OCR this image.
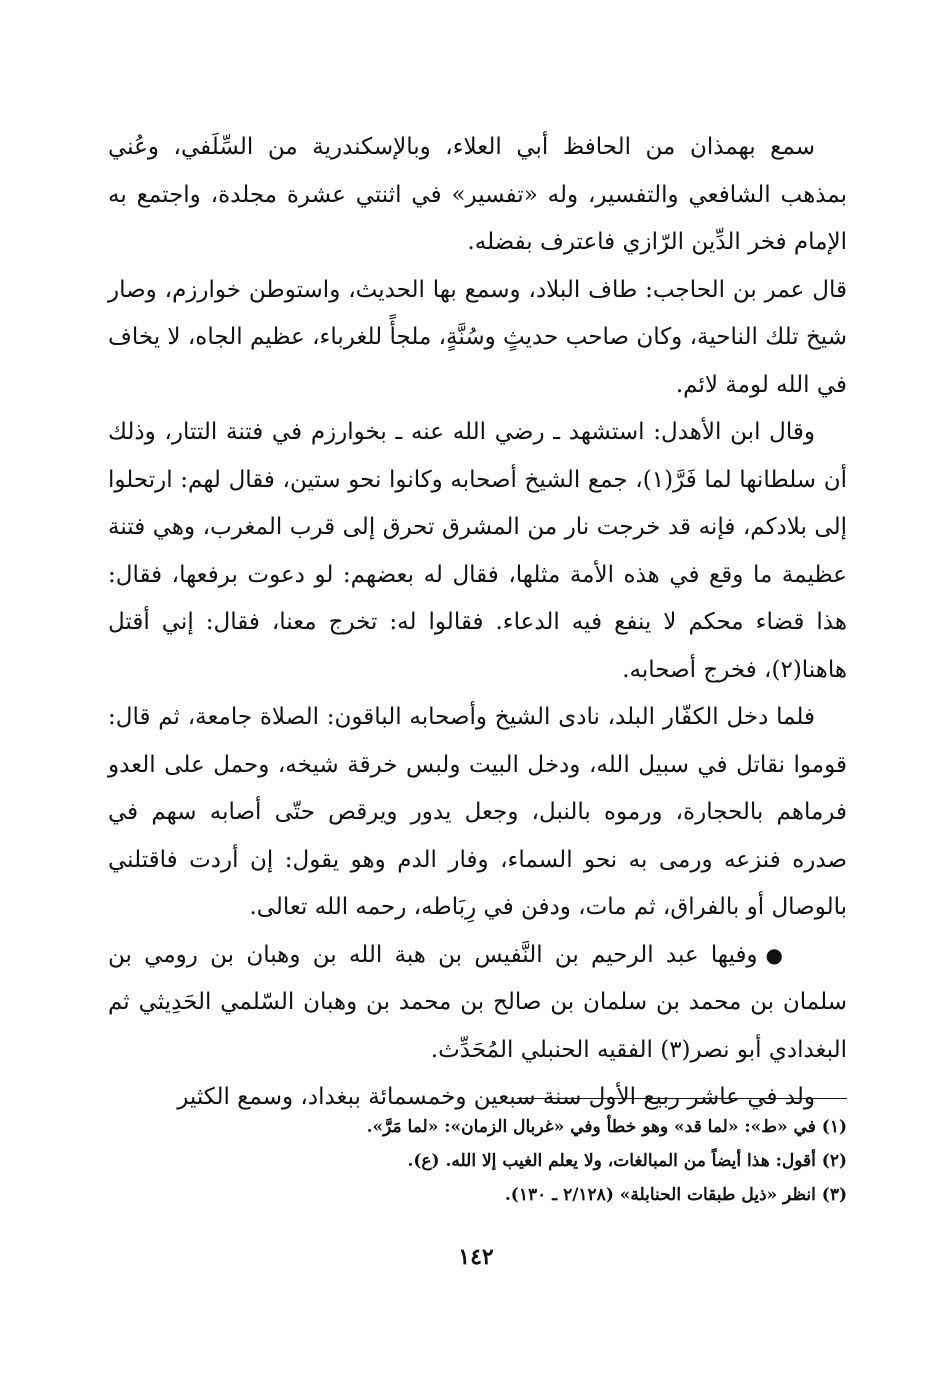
سمع بهمذان من الحافظ أبي العلاء، وبالإسكندرية من السِّلَفي، وعُني بمذهب الشافعي والتفسير، وله «تفسير» في اثنتي عشرة مجلدة، واجتمع به الإمام فخر الدِّين الرّازي فاعترف بفضله.

قال عمر بن الحاجب: طاف البلاد، وسمع بها الحديث، واستوطن خوارزم، وصار شيخ تلك الناحية، وكان صاحب حديثٍ وسُنَّةٍ، ملجأً للغرباء، عظيم الجاه، لا يخاف في الله لومة لائم.

وقال ابن الأهدل: استشهد ـ رضي الله عنه ـ بخوارزم في فتنة التتار، وذلك أن سلطانها لما فَرَّ(١)، جمع الشيخ أصحابه وكانوا نحو ستين، فقال لهم: ارتحلوا إلى بلادكم، فإنه قد خرجت نار من المشرق تحرق إلى قرب المغرب، وهي فتنة عظيمة ما وقع في هذه الأمة مثلها، فقال له بعضهم: لو دعوت برفعها، فقال: هذا قضاء محكم لا ينفع فيه الدعاء. فقالوا له: تخرج معنا، فقال: إني أقتل هاهنا(٢)، فخرج أصحابه.

فلما دخل الكفّار البلد، نادى الشيخ وأصحابه الباقون: الصلاة جامعة، ثم قال: قوموا نقاتل في سبيل الله، ودخل البيت ولبس خرقة شيخه، وحمل على العدو فرماهم بالحجارة، ورموه بالنبل، وجعل يدور ويرقص حتّى أصابه سهم في صدره فنزعه ورمى به نحو السماء، وفار الدم وهو يقول: إن أردت فاقتلني بالوصال أو بالفراق، ثم مات، ودفن في رِبَاطه، رحمه الله تعالى.

●وفيها عبد الرحيم بن النَّفيس بن هبة الله بن وهبان بن رومي بن سلمان بن محمد بن سلمان بن صالح بن محمد بن وهبان السّلمي الحَدِيثي ثم البغدادي أبو نصر(٣) الفقيه الحنبلي المُحَدِّث.

ولد في عاشر ربيع الأول سنة سبعين وخمسمائة ببغداد، وسمع الكثير

(١) في «ط»: «لما قد» وهو خطأ وفي «غربال الزمان»: «لما مَرَّ».

(٢) أقول: هذا أيضاً من المبالغات، ولا يعلم الغيب إلا الله. (ع).

(٣) انظر «ذيل طبقات الحنابلة» (٢/١٢٨ ـ ١٣٠).

١٤٢
